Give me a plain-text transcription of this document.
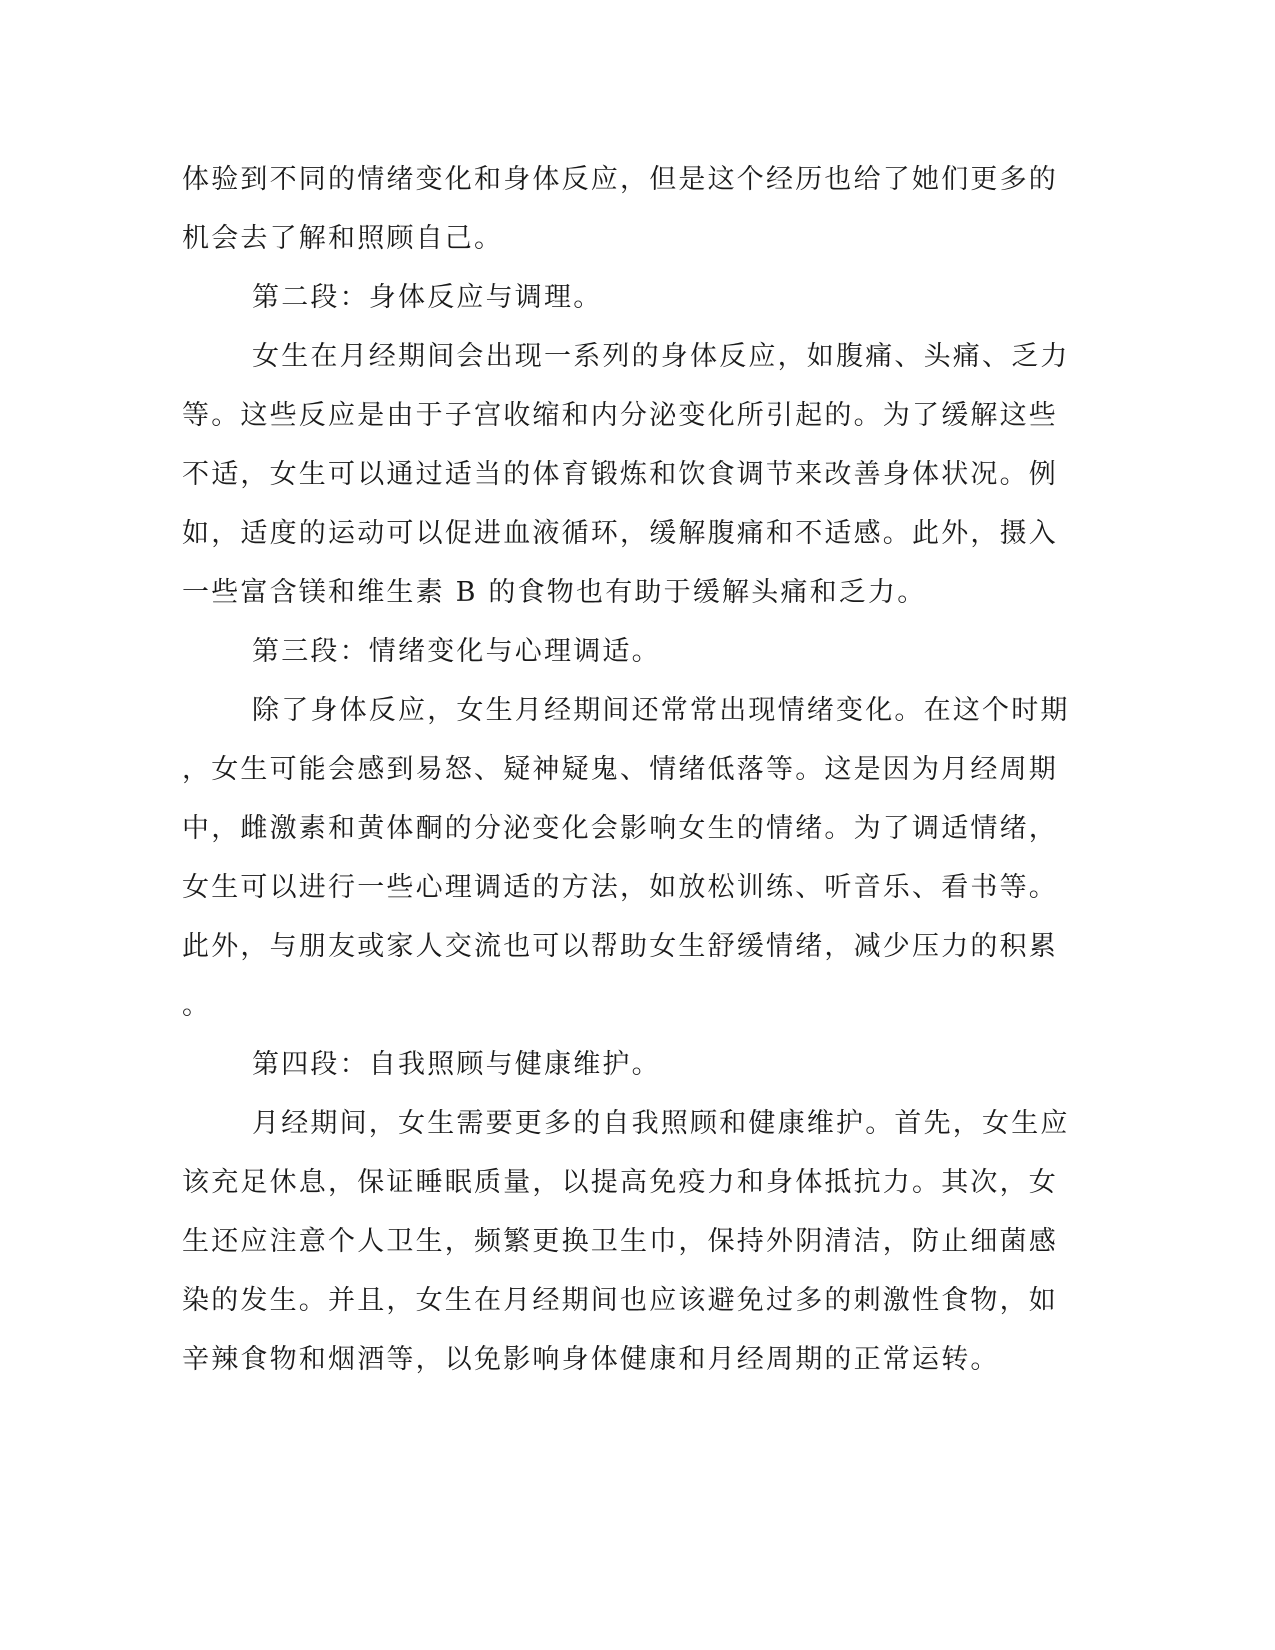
体验到不同的情绪变化和身体反应，但是这个经历也给了她们更多的
机会去了解和照顾自己。
第二段：身体反应与调理。
女生在月经期间会出现一系列的身体反应，如腹痛、头痛、乏力
等。这些反应是由于子宫收缩和内分泌变化所引起的。为了缓解这些
不适，女生可以通过适当的体育锻炼和饮食调节来改善身体状况。例
如，适度的运动可以促进血液循环，缓解腹痛和不适感。此外，摄入
一些富含镁和维生素 B 的食物也有助于缓解头痛和乏力。
第三段：情绪变化与心理调适。
除了身体反应，女生月经期间还常常出现情绪变化。在这个时期
，女生可能会感到易怒、疑神疑鬼、情绪低落等。这是因为月经周期
中，雌激素和黄体酮的分泌变化会影响女生的情绪。为了调适情绪，
女生可以进行一些心理调适的方法，如放松训练、听音乐、看书等。
此外，与朋友或家人交流也可以帮助女生舒缓情绪，减少压力的积累
。
第四段：自我照顾与健康维护。
月经期间，女生需要更多的自我照顾和健康维护。首先，女生应
该充足休息，保证睡眠质量，以提高免疫力和身体抵抗力。其次，女
生还应注意个人卫生，频繁更换卫生巾，保持外阴清洁，防止细菌感
染的发生。并且，女生在月经期间也应该避免过多的刺激性食物，如
辛辣食物和烟酒等，以免影响身体健康和月经周期的正常运转。
